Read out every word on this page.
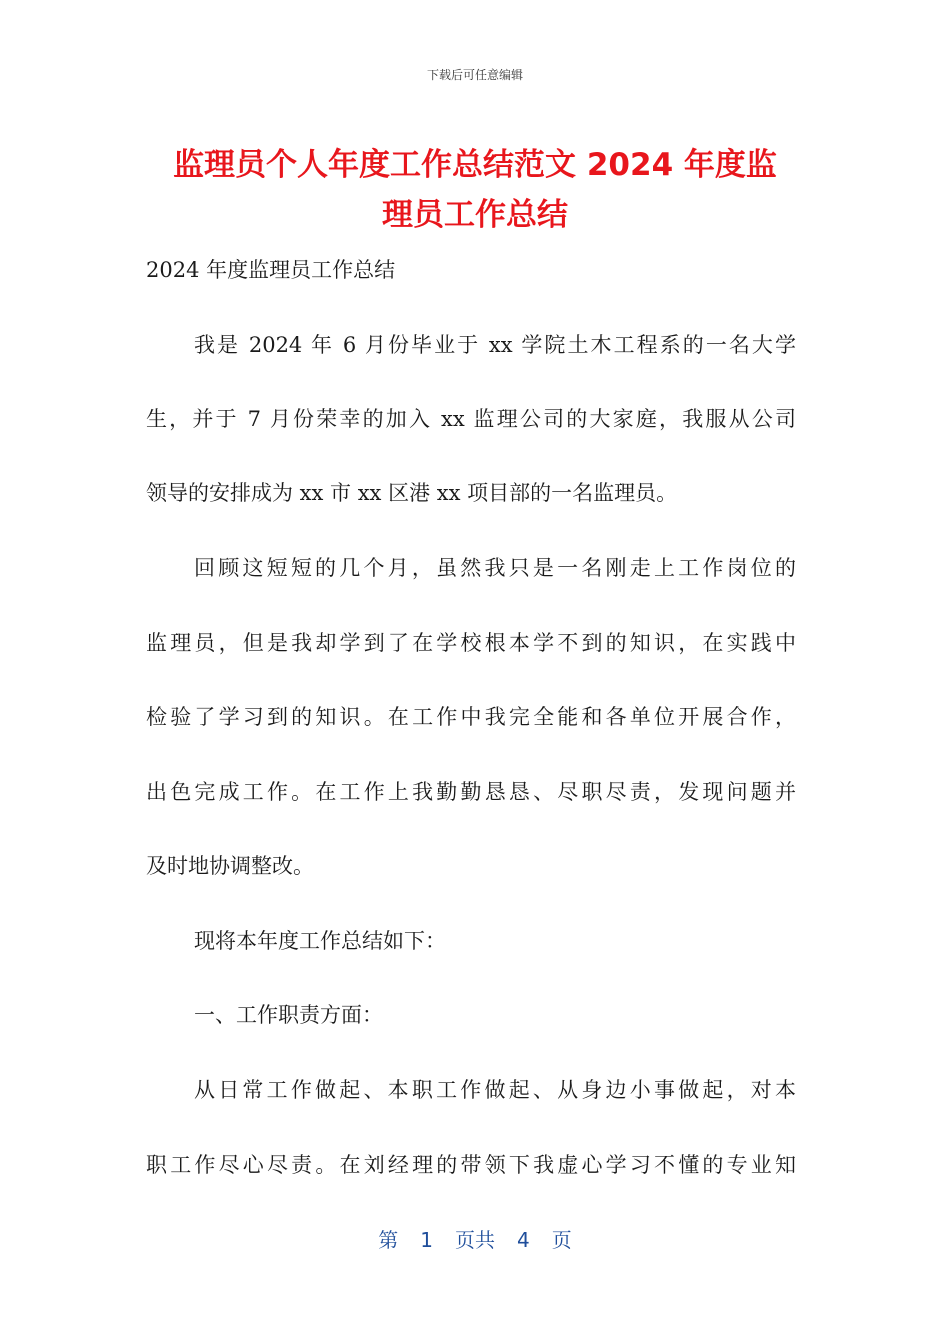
下载后可任意编辑
监理员个人年度工作总结范文 2024 年度监
理员工作总结

2024 年度监理员工作总结

我是 2024 年 6 月份毕业于 xx 学院土木工程系的一名大学

生，并于 7 月份荣幸的加入 xx 监理公司的大家庭，我服从公司

领导的安排成为 xx 市 xx 区港 xx 项目部的一名监理员。

回顾这短短的几个月，虽然我只是一名刚走上工作岗位的

监理员，但是我却学到了在学校根本学不到的知识，在实践中

检验了学习到的知识。在工作中我完全能和各单位开展合作，

出色完成工作。在工作上我勤勤恳恳、尽职尽责，发现问题并

及时地协调整改。

现将本年度工作总结如下：

一、工作职责方面：

从日常工作做起、本职工作做起、从身边小事做起，对本

职工作尽心尽责。在刘经理的带领下我虚心学习不懂的专业知

第 1 页共 4 页
